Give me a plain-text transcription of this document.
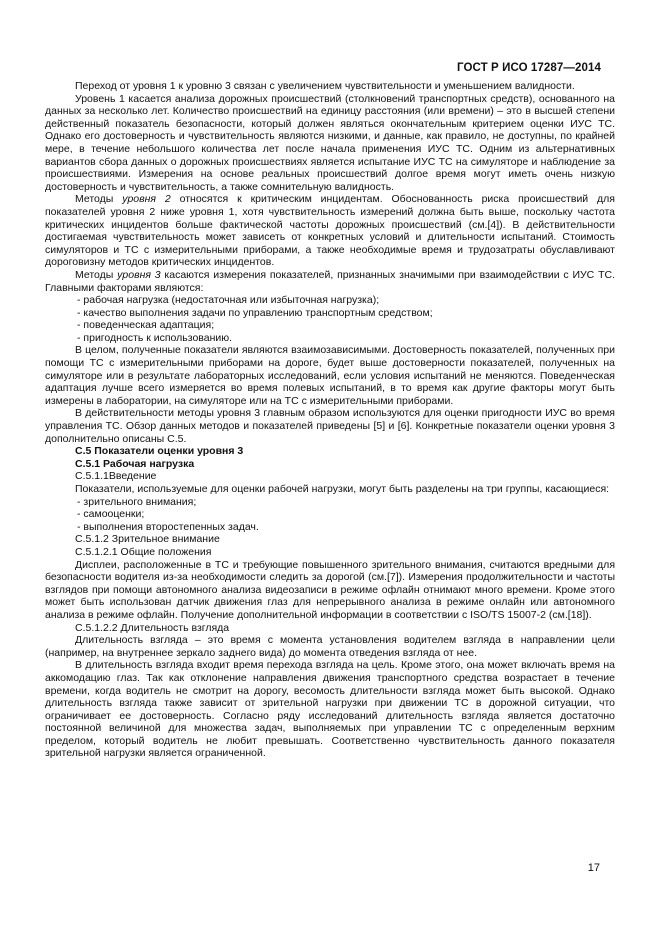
ГОСТ Р ИСО 17287—2014

Переход от уровня 1 к уровню 3 связан с увеличением чувствительности и уменьшением валидности.

Уровень 1 касается анализа дорожных происшествий (столкновений транспортных средств), основанного на данных за несколько лет. Количество происшествий на единицу расстояния (или времени) – это в высшей степени действенный показатель безопасности, который должен являться окончательным критерием оценки ИУС ТС. Однако его достоверность и чувствительность являются низкими, и данные, как правило, не доступны, по крайней мере, в течение небольшого количества лет после начала применения ИУС ТС. Одним из альтернативных вариантов сбора данных о дорожных происшествиях является испытание ИУС ТС на симуляторе и наблюдение за происшествиями. Измерения на основе реальных происшествий долгое время могут иметь очень низкую достоверность и чувствительность, а также сомнительную валидность.

Методы уровня 2 относятся к критическим инцидентам. Обоснованность риска происшествий для показателей уровня 2 ниже уровня 1, хотя чувствительность измерений должна быть выше, поскольку частота критических инцидентов больше фактической частоты дорожных происшествий (см.[4]). В действительности достигаемая чувствительность может зависеть от конкретных условий и длительности испытаний. Стоимость симуляторов и ТС с измерительными приборами, а также необходимые время и трудозатраты обуславливают дороговизну методов критических инцидентов.

Методы уровня 3 касаются измерения показателей, признанных значимыми при взаимодействии с ИУС ТС. Главными факторами являются:

- рабочая нагрузка (недостаточная или избыточная нагрузка);

- качество выполнения задачи по управлению транспортным средством;

- поведенческая адаптация;

- пригодность к использованию.

В целом, полученные показатели являются взаимозависимыми. Достоверность показателей, полученных при помощи ТС с измерительными приборами на дороге, будет выше достоверности показателей, полученных на симуляторе или в результате лабораторных исследований, если условия испытаний не меняются. Поведенческая адаптация лучше всего измеряется во время полевых испытаний, в то время как другие факторы могут быть измерены в лаборатории, на симуляторе или на ТС с измерительными приборами.

В действительности методы уровня 3 главным образом используются для оценки пригодности ИУС во время управления ТС. Обзор данных методов и показателей приведены [5] и [6]. Конкретные показатели оценки уровня 3 дополнительно описаны С.5.

С.5 Показатели оценки уровня 3

С.5.1 Рабочая нагрузка

С.5.1.1Введение

Показатели, используемые для оценки рабочей нагрузки, могут быть разделены на три группы, касающиеся:

- зрительного внимания;

- самооценки;

- выполнения второстепенных задач.

С.5.1.2 Зрительное внимание

С.5.1.2.1 Общие положения

Дисплеи, расположенные в ТС и требующие повышенного зрительного внимания, считаются вредными для безопасности водителя из-за необходимости следить за дорогой (см.[7]). Измерения продолжительности и частоты взглядов при помощи автономного анализа видеозаписи в режиме офлайн отнимают много времени. Кроме этого может быть использован датчик движения глаз для непрерывного анализа в режиме онлайн или автономного анализа в режиме офлайн. Получение дополнительной информации в соответствии с ISO/TS 15007-2 (см.[18]).

С.5.1.2.2 Длительность взгляда

Длительность взгляда – это время с момента установления водителем взгляда в направлении цели (например, на внутреннее зеркало заднего вида) до момента отведения взгляда от нее.

В длительность взгляда входит время перехода взгляда на цель. Кроме этого, она может включать время на аккомодацию глаз. Так как отклонение направления движения транспортного средства возрастает в течение времени, когда водитель не смотрит на дорогу, весомость длительности взгляда может быть высокой. Однако длительность взгляда также зависит от зрительной нагрузки при движении ТС в дорожной ситуации, что ограничивает ее достоверность. Согласно ряду исследований длительность взгляда является достаточно постоянной величиной для множества задач, выполняемых при управлении ТС с определенным верхним пределом, который водитель не любит превышать. Соответственно чувствительность данного показателя зрительной нагрузки является ограниченной.

17
